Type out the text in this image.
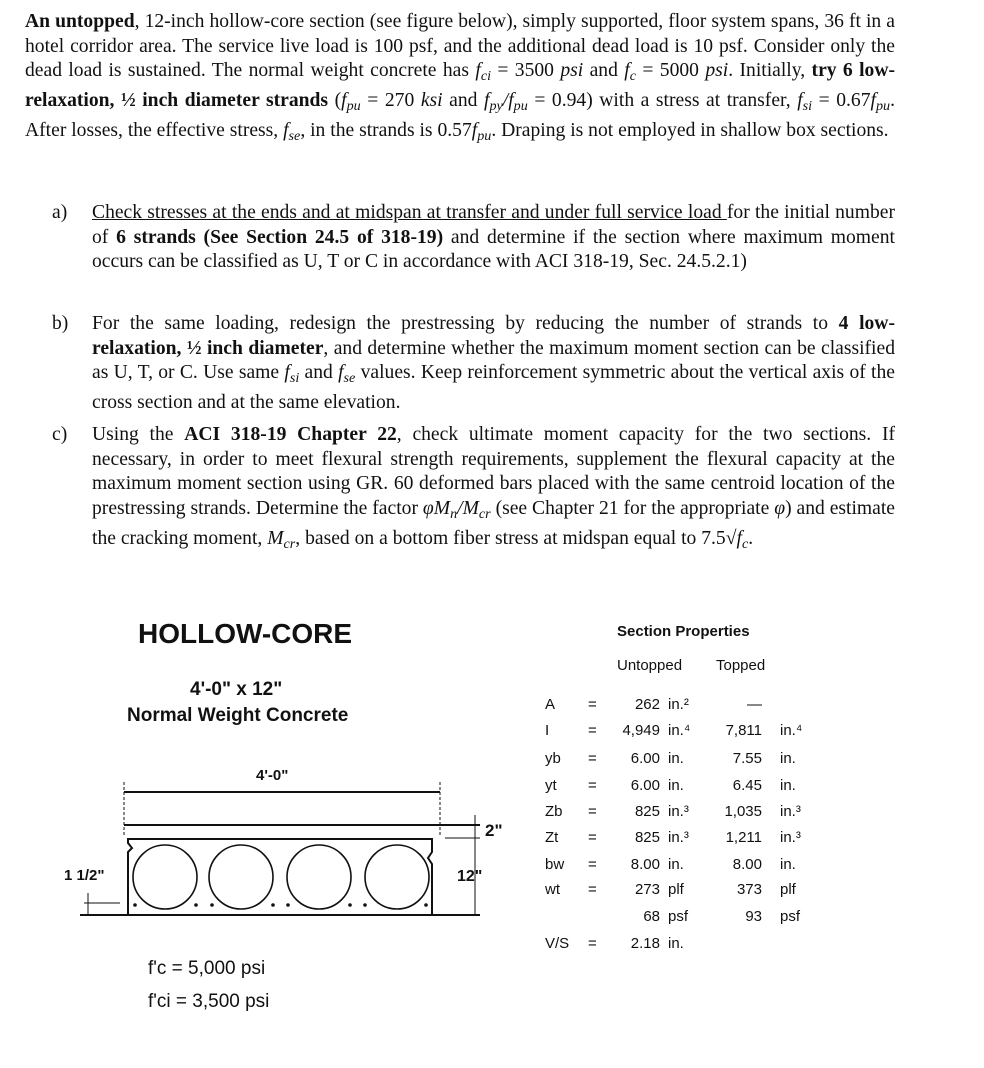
An untopped, 12-inch hollow-core section (see figure below), simply supported, floor system spans, 36 ft in a hotel corridor area. The service live load is 100 psf, and the additional dead load is 10 psf. Consider only the dead load is sustained. The normal weight concrete has $f_{ci} = 3500$ psi and $f_c = 5000$ psi. Initially, try 6 low-relaxation, ½ inch diameter strands ($f_{pu} = 270$ ksi and $f_{py}/f_{pu} = 0.94$) with a stress at transfer, $f_{si} = 0.67f_{pu}$. After losses, the effective stress, $f_{se}$, in the strands is $0.57f_{pu}$. Draping is not employed in shallow box sections.
a) Check stresses at the ends and at midspan at transfer and under full service load for the initial number of 6 strands (See Section 24.5 of 318-19) and determine if the section where maximum moment occurs can be classified as U, T or C in accordance with ACI 318-19, Sec. 24.5.2.1)
b) For the same loading, redesign the prestressing by reducing the number of strands to 4 low-relaxation, ½ inch diameter, and determine whether the maximum moment section can be classified as U, T, or C. Use same $f_{si}$ and $f_{se}$ values. Keep reinforcement symmetric about the vertical axis of the cross section and at the same elevation.
c) Using the ACI 318-19 Chapter 22, check ultimate moment capacity for the two sections. If necessary, in order to meet flexural strength requirements, supplement the flexural capacity at the maximum moment section using GR. 60 deformed bars placed with the same centroid location of the prestressing strands. Determine the factor $\varphi M_n/M_{cr}$ (see Chapter 21 for the appropriate φ) and estimate the cracking moment, $M_{cr}$, based on a bottom fiber stress at midspan equal to $7.5√f_c$.
HOLLOW-CORE
4'-0" x 12"
Normal Weight Concrete
4'-0"
2"
12"
1 1/2"
f'c = 5,000 psi
f'ci = 3,500 psi
Section Properties
Untopped Topped
A =	262 in.²	—
I	= 4,949 in.⁴ 7,811 in.⁴
yb = 6.00 in.	7.55 in.
yt = 6.00 in.	6.45 in.
Zb =	825 in.³ 1,035 in.³
Zt =	825 in.³ 1,211 in.³
bw = 8.00 in.	8.00 in.
wt =	273 plf	373 plf
68 psf	93 psf
V/S = 2.18 in.
